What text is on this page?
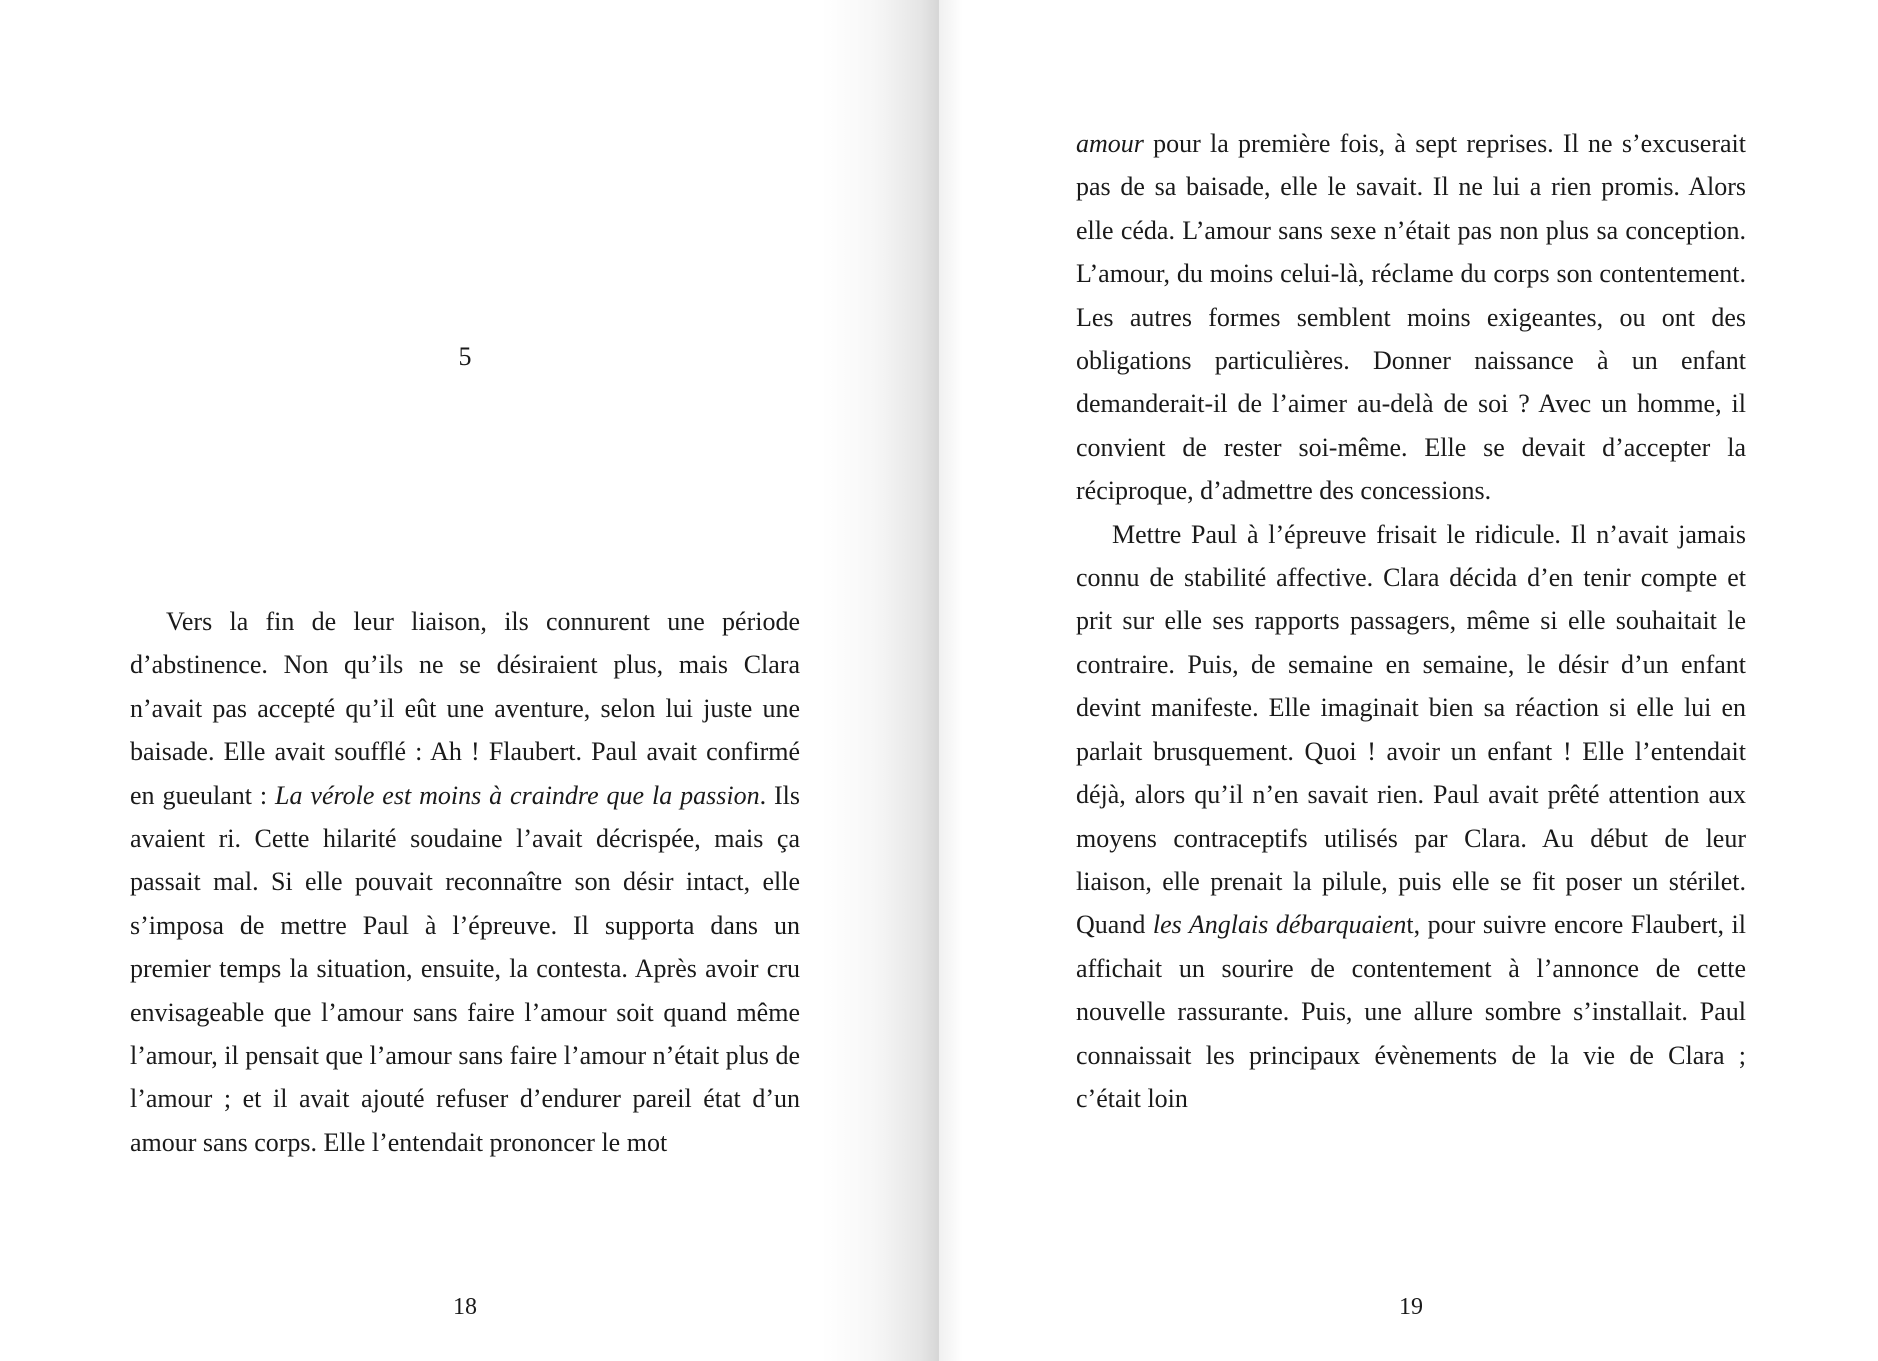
5

Vers la fin de leur liaison, ils connurent une période d’abstinence. Non qu’ils ne se désiraient plus, mais Clara n’avait pas accepté qu’il eût une aventure, selon lui juste une baisade. Elle avait soufflé : Ah ! Flaubert. Paul avait confirmé en gueulant : La vérole est moins à craindre que la passion. Ils avaient ri. Cette hilarité soudaine l’avait décrispée, mais ça passait mal. Si elle pouvait reconnaître son désir intact, elle s’imposa de mettre Paul à l’épreuve. Il supporta dans un premier temps la situation, ensuite, la contesta. Après avoir cru envisageable que l’amour sans faire l’amour soit quand même l’amour, il pensait que l’amour sans faire l’amour n’était plus de l’amour ; et il avait ajouté refuser d’endurer pareil état d’un amour sans corps. Elle l’entendait prononcer le mot

18

amour pour la première fois, à sept reprises. Il ne s’excuserait pas de sa baisade, elle le savait. Il ne lui a rien promis. Alors elle céda. L’amour sans sexe n’était pas non plus sa conception. L’amour, du moins celui-là, réclame du corps son contentement. Les autres formes semblent moins exigeantes, ou ont des obligations particulières. Donner naissance à un enfant demanderait-il de l’aimer au-delà de soi ? Avec un homme, il convient de rester soi-même. Elle se devait d’accepter la réciproque, d’admettre des concessions.

Mettre Paul à l’épreuve frisait le ridicule. Il n’avait jamais connu de stabilité affective. Clara décida d’en tenir compte et prit sur elle ses rapports passagers, même si elle souhaitait le contraire. Puis, de semaine en semaine, le désir d’un enfant devint manifeste. Elle imaginait bien sa réaction si elle lui en parlait brusquement. Quoi ! avoir un enfant ! Elle l’entendait déjà, alors qu’il n’en savait rien. Paul avait prêté attention aux moyens contraceptifs utilisés par Clara. Au début de leur liaison, elle prenait la pilule, puis elle se fit poser un stérilet. Quand les Anglais débarquaient, pour suivre encore Flaubert, il affichait un sourire de contentement à l’annonce de cette nouvelle rassurante. Puis, une allure sombre s’installait. Paul connaissait les principaux évènements de la vie de Clara ; c’était loin

19
